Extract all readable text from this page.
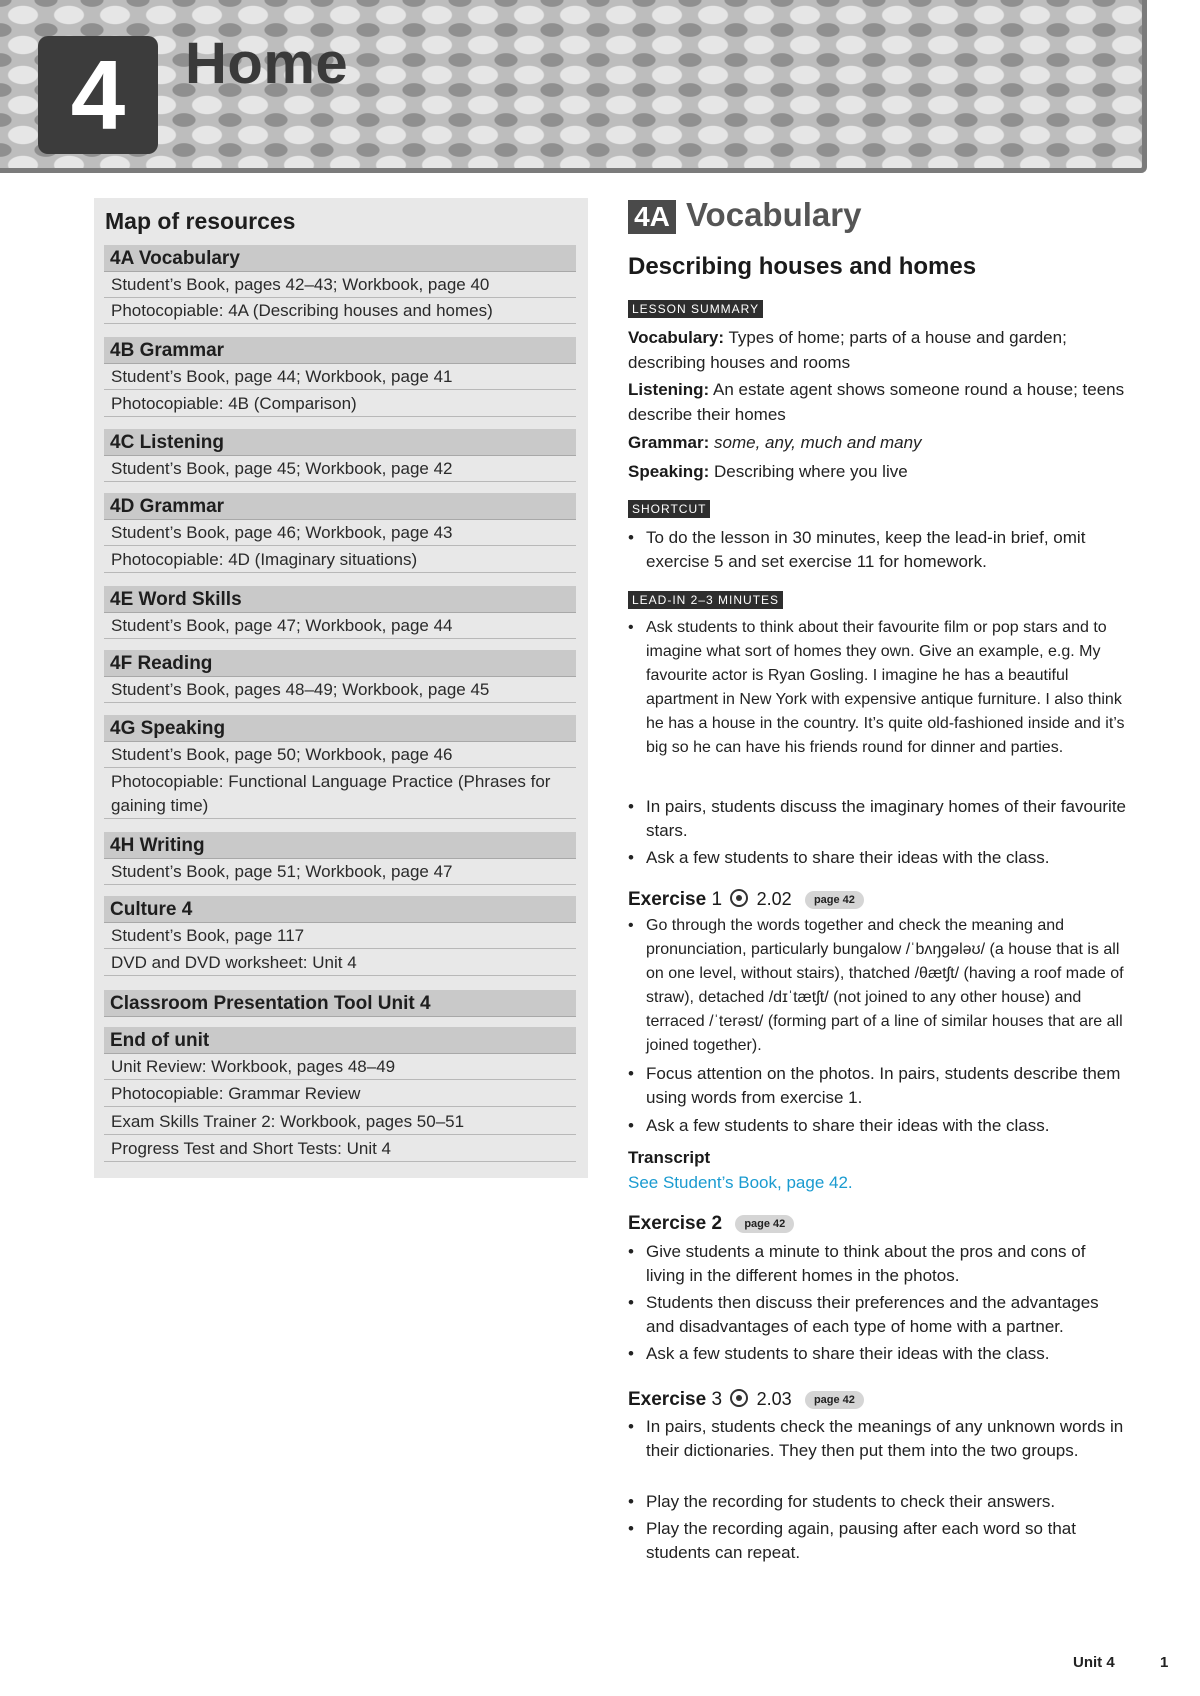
4	Home
Map of resources
4A Vocabulary
Student’s Book, pages 42–43; Workbook, page 40
Photocopiable: 4A (Describing houses and homes)
4B Grammar
Student’s Book, page 44; Workbook, page 41
Photocopiable: 4B (Comparison)
4C Listening
Student’s Book, page 45; Workbook, page 42
4D Grammar
Student’s Book, page 46; Workbook, page 43
Photocopiable: 4D (Imaginary situations)
4E Word Skills
Student’s Book, page 47; Workbook, page 44
4F Reading
Student’s Book, pages 48–49; Workbook, page 45
4G Speaking
Student’s Book, page 50; Workbook, page 46
Photocopiable: Functional Language Practice (Phrases for gaining time)
4H Writing
Student’s Book, page 51; Workbook, page 47
Culture 4
Student’s Book, page 117
DVD and DVD worksheet: Unit 4
Classroom Presentation Tool Unit 4
End of unit
Unit Review: Workbook, pages 48–49
Photocopiable: Grammar Review
Exam Skills Trainer 2: Workbook, pages 50–51
Progress Test and Short Tests: Unit 4
4A Vocabulary
Describing houses and homes
LESSON SUMMARY
Vocabulary: Types of home; parts of a house and garden; describing houses and rooms
Listening: An estate agent shows someone round a house; teens describe their homes
Grammar: some, any, much and many
Speaking: Describing where you live
SHORTCUT
• To do the lesson in 30 minutes, keep the lead-in brief, omit exercise 5 and set exercise 11 for homework.
LEAD-IN 2–3 MINUTES
• Ask students to think about their favourite film or pop stars and to imagine what sort of homes they own. Give an example, e.g. My favourite actor is Ryan Gosling. I imagine he has a beautiful apartment in New York with expensive antique furniture. I also think he has a house in the country. It’s quite old-fashioned inside and it’s big so he can have his friends round for dinner and parties.
• In pairs, students discuss the imaginary homes of their favourite stars.
• Ask a few students to share their ideas with the class.
Exercise 1 2.02 page 42
• Go through the words together and check the meaning and pronunciation, particularly bungalow /ˈbʌŋɡələʊ/ (a house that is all on one level, without stairs), thatched /θætʃt/ (having a roof made of straw), detached /dɪˈtætʃt/ (not joined to any other house) and terraced /ˈterəst/ (forming part of a line of similar houses that are all joined together).
• Focus attention on the photos. In pairs, students describe them using words from exercise 1.
• Ask a few students to share their ideas with the class.
Transcript
See Student’s Book, page 42.
Exercise 2 page 42
• Give students a minute to think about the pros and cons of living in the different homes in the photos.
• Students then discuss their preferences and the advantages and disadvantages of each type of home with a partner.
• Ask a few students to share their ideas with the class.
Exercise 3 2.03 page 42
• In pairs, students check the meanings of any unknown words in their dictionaries. They then put them into the two groups.
• Play the recording for students to check their answers.
• Play the recording again, pausing after each word so that students can repeat.
Unit 4	1
